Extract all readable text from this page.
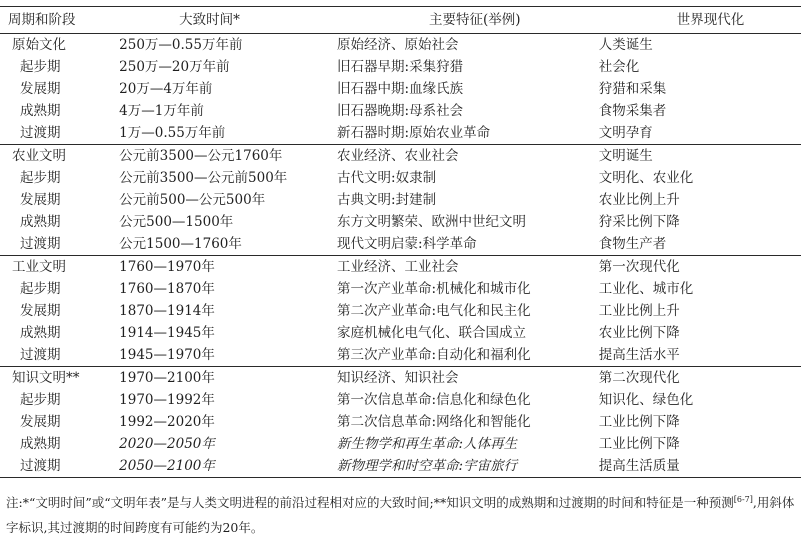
周期和阶段	大致时间*	主要特征(举例)	世界现代化
原始文化	250万—0.55万年前	原始经济、原始社会	人类诞生
起步期	250万—20万年前	旧石器早期:采集狩猎	社会化
发展期	20万—4万年前	旧石器中期:血缘氏族	狩猎和采集
成熟期	4万—1万年前	旧石器晚期:母系社会	食物采集者
过渡期	1万—0.55万年前	新石器时期:原始农业革命	文明孕育
农业文明	公元前3500—公元1760年	农业经济、农业社会	文明诞生
起步期	公元前3500—公元前500年	古代文明:奴隶制	文明化、农业化
发展期	公元前500—公元500年	古典文明:封建制	农业比例上升
成熟期	公元500—1500年	东方文明繁荣、欧洲中世纪文明	狩采比例下降
过渡期	公元1500—1760年	现代文明启蒙:科学革命	食物生产者
工业文明	1760—1970年	工业经济、工业社会	第一次现代化
起步期	1760—1870年	第一次产业革命:机械化和城市化	工业化、城市化
发展期	1870—1914年	第二次产业革命:电气化和民主化	工业比例上升
成熟期	1914—1945年	家庭机械化电气化、联合国成立	农业比例下降
过渡期	1945—1970年	第三次产业革命:自动化和福利化	提高生活水平
知识文明**	1970—2100年	知识经济、知识社会	第二次现代化
起步期	1970—1992年	第一次信息革命:信息化和绿色化	知识化、绿色化
发展期	1992—2020年	第二次信息革命:网络化和智能化	工业比例下降
成熟期	2020—2050年	新生物学和再生革命:人体再生	工业比例下降
过渡期	2050—2100年	新物理学和时空革命:宇宙旅行	提高生活质量
注:*“文明时间”或“文明年表”是与人类文明进程的前沿过程相对应的大致时间;**知识文明的成熟期和过渡期的时间和特征是一种预测[6-7],用斜体字标识,其过渡期的时间跨度有可能约为20年。
